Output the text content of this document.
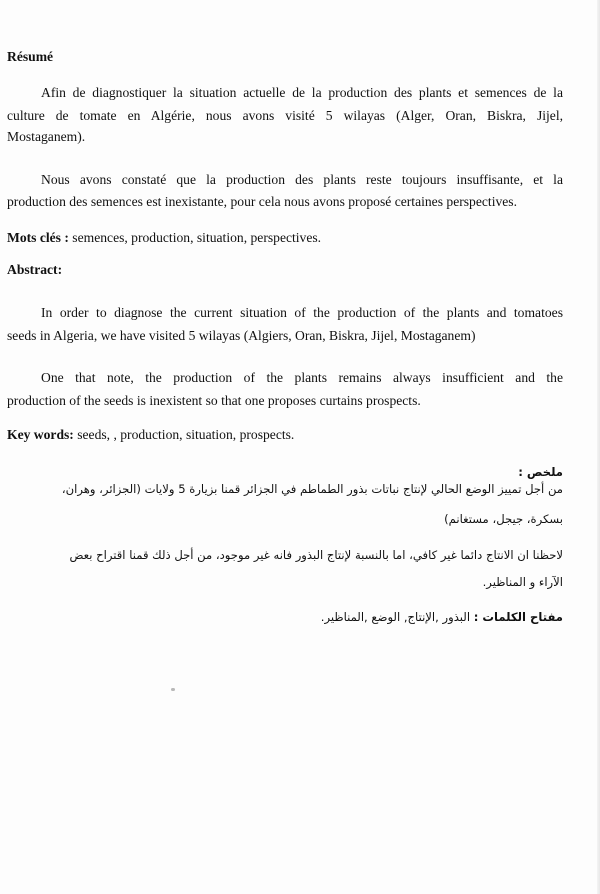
Résumé
Afin de diagnostiquer la situation actuelle de la production des plants et semences de la
culture de tomate en Algérie, nous avons visité 5 wilayas (Alger, Oran, Biskra, Jijel,
Mostaganem).
Nous avons constaté que la production des plants reste toujours insuffisante, et la
production des semences est inexistante, pour cela nous avons proposé certaines perspectives.
Mots clés : semences, production, situation, perspectives.
Abstract:
In order to diagnose the current situation of the production of the plants and tomatoes
seeds in Algeria, we have visited 5 wilayas (Algiers, Oran, Biskra, Jijel, Mostaganem)
One that note, the production of the plants remains always insufficient and the
production of the seeds is inexistent so that one proposes curtains prospects.
Key words: seeds, , production, situation, prospects.
ملخص :
من أجل تمييز الوضع الحالي لإنتاج نباتات بذور الطماطم في الجزائر قمنا بزيارة 5 ولايات (الجزائر، وهران،
بسكرة، جيجل، مستغانم)
لاحظنا ان الانتاج دائما غير كافي، اما بالنسبة لإنتاج البذور فانه غير موجود، من أجل ذلك قمنا اقتراح بعض
الآراء و المناظير.
مفتاح الكلمات : البذور ,الإنتاج, الوضع ,المناظير.
